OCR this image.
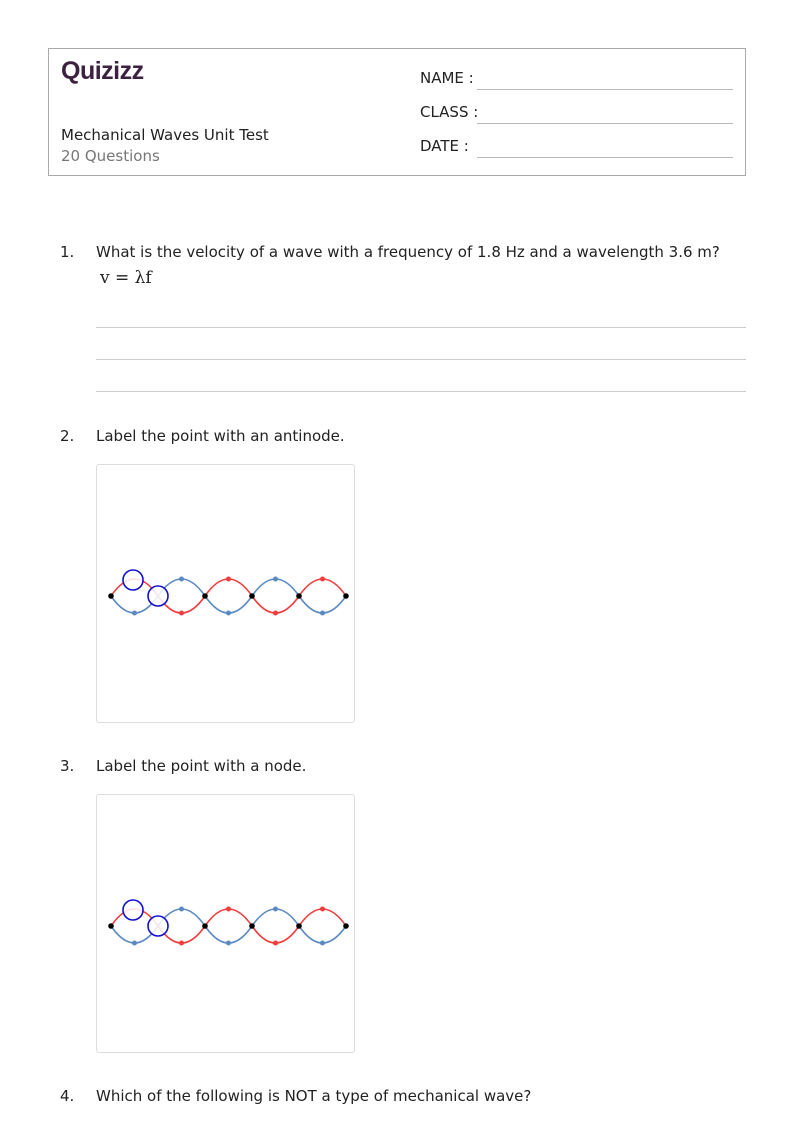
Quizizz
Mechanical Waves Unit Test
20 Questions
NAME :
CLASS :
DATE :
1. What is the velocity of a wave with a frequency of 1.8 Hz and a wavelength 3.6 m?
v = λf
2. Label the point with an antinode.
3. Label the point with a node.
4. Which of the following is NOT a type of mechanical wave?
